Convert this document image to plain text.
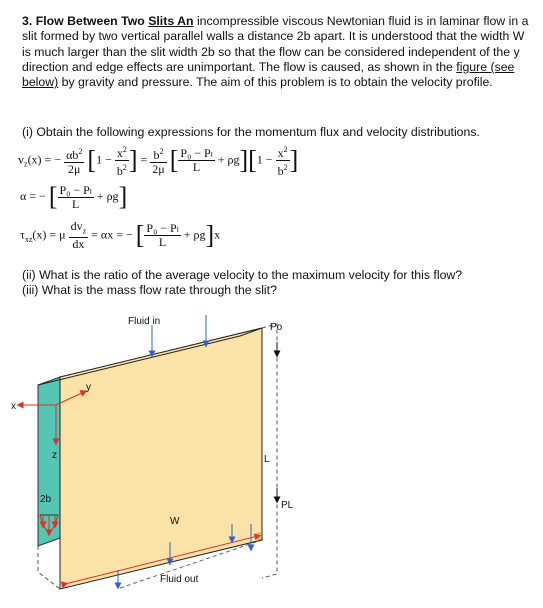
3. Flow Between Two Slits An incompressible viscous Newtonian fluid is in laminar flow in a slit formed by two vertical parallel walls a distance 2b apart. It is understood that the width W is much larger than the slit width 2b so that the flow can be considered independent of the y direction and edge effects are unimportant. The flow is caused, as shown in the figure (see below) by gravity and pressure. The aim of this problem is to obtain the velocity profile.
(i) Obtain the following expressions for the momentum flux and velocity distributions.
$v_z(x)$ = − $\frac{\alpha b^2}{2\mu} [1 - \frac{x^2}{b^2}$ ] = $\frac{b^2}{2\mu}$ [ $\frac{\text{P₀ − Pₗ}}{L} + \rho g][1 - \frac{x^2}{b^2}$ ]
α = − [ $\frac{\text{P₀ − Pₗ}}{L} + \rho g$]
$\tau_{xz}(x) = \mu \frac{dv_z}{dx} = \alpha x$ = − [ $\frac{\text{P₀ − Pₗ}}{L} + \rho g]x$
(ii) What is the ratio of the average velocity to the maximum velocity for this flow?
(iii) What is the mass flow rate through the slit?
x
y
z
2b
Fluid in
Po
PL
L
W
Fluid out
g
